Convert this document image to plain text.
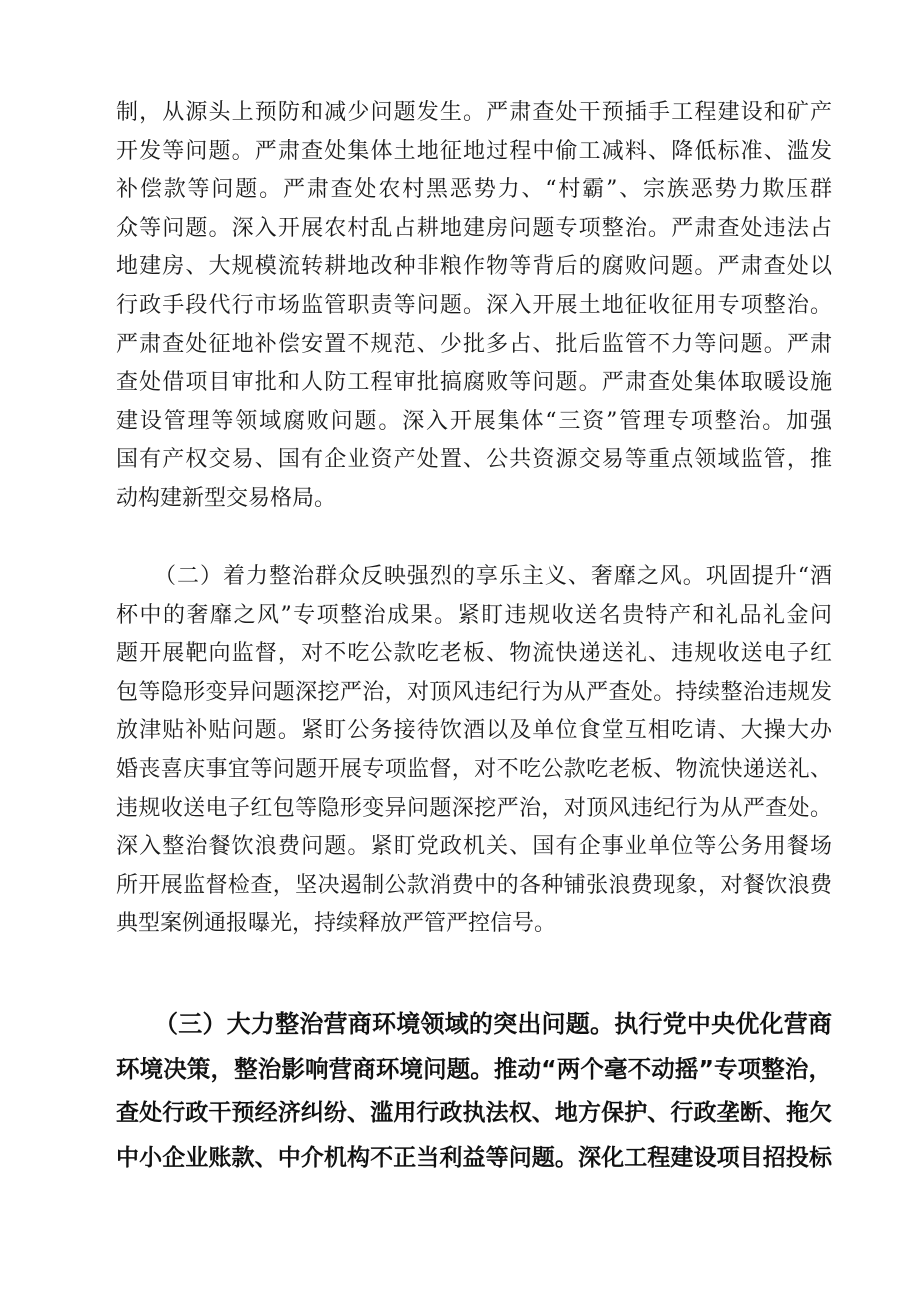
制，从源头上预防和减少问题发生。严肃查处干预插手工程建设和矿产
开发等问题。严肃查处集体土地征地过程中偷工减料、降低标准、滥发
补偿款等问题。严肃查处农村黑恶势力、“村霸”、宗族恶势力欺压群
众等问题。深入开展农村乱占耕地建房问题专项整治。严肃查处违法占
地建房、大规模流转耕地改种非粮作物等背后的腐败问题。严肃查处以
行政手段代行市场监管职责等问题。深入开展土地征收征用专项整治。
严肃查处征地补偿安置不规范、少批多占、批后监管不力等问题。严肃
查处借项目审批和人防工程审批搞腐败等问题。严肃查处集体取暖设施
建设管理等领域腐败问题。深入开展集体“三资”管理专项整治。加强
国有产权交易、国有企业资产处置、公共资源交易等重点领域监管，推
动构建新型交易格局。
（二）着力整治群众反映强烈的享乐主义、奢靡之风。巩固提升“酒
杯中的奢靡之风”专项整治成果。紧盯违规收送名贵特产和礼品礼金问
题开展靶向监督，对不吃公款吃老板、物流快递送礼、违规收送电子红
包等隐形变异问题深挖严治，对顶风违纪行为从严查处。持续整治违规发
放津贴补贴问题。紧盯公务接待饮酒以及单位食堂互相吃请、大操大办
婚丧喜庆事宜等问题开展专项监督，对不吃公款吃老板、物流快递送礼、
违规收送电子红包等隐形变异问题深挖严治，对顶风违纪行为从严查处。
深入整治餐饮浪费问题。紧盯党政机关、国有企事业单位等公务用餐场
所开展监督检查，坚决遏制公款消费中的各种铺张浪费现象，对餐饮浪费
典型案例通报曝光，持续释放严管严控信号。
（三）大力整治营商环境领域的突出问题。执行党中央优化营商
环境决策，整治影响营商环境问题。推动“两个毫不动摇”专项整治，
查处行政干预经济纠纷、滥用行政执法权、地方保护、行政垄断、拖欠
中小企业账款、中介机构不正当利益等问题。深化工程建设项目招投标
